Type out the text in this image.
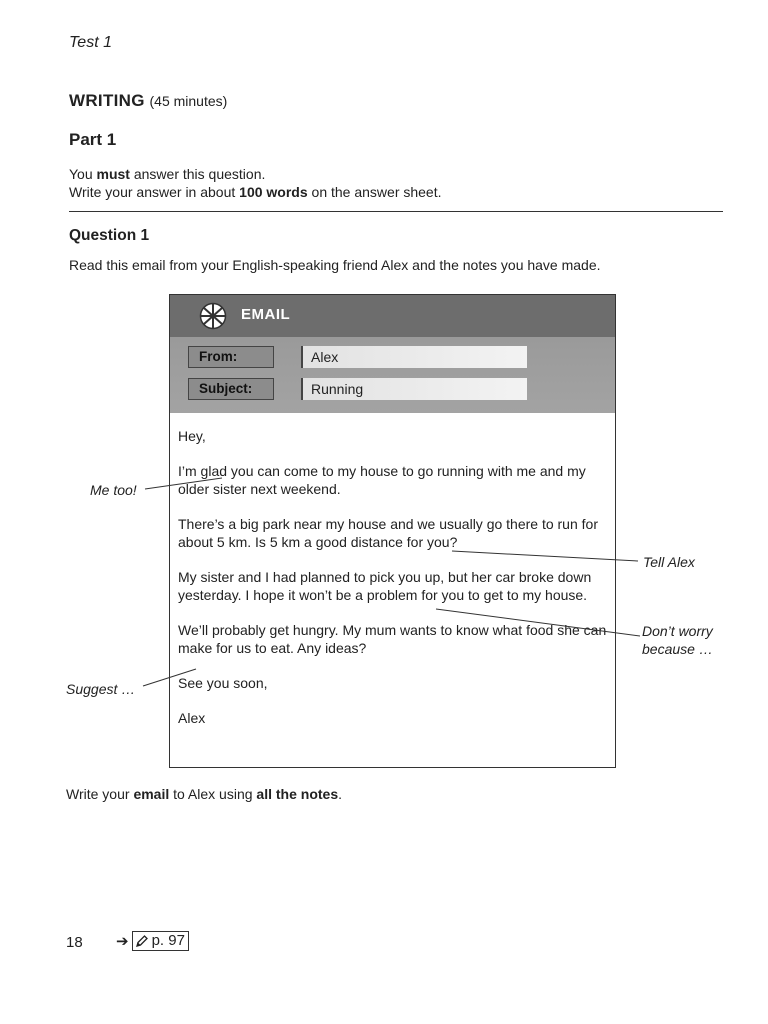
Test 1
WRITING (45 minutes)
Part 1
You must answer this question.
Write your answer in about 100 words on the answer sheet.
Question 1
Read this email from your English-speaking friend Alex and the notes you have made.
EMAIL
From:	Alex
Subject:	Running

Hey,

I’m glad you can come to my house to go running with me and my older sister next weekend.

There’s a big park near my house and we usually go there to run for about 5 km. Is 5 km a good distance for you?

My sister and I had planned to pick you up, but her car broke down yesterday. I hope it won’t be a problem for you to get to my house.

We’ll probably get hungry. My mum wants to know what food she can make for us to eat. Any ideas?

See you soon,

Alex

Me too!
Tell Alex
Don’t worry
because …
Suggest …
Write your email to Alex using all the notes.
18 ➔ p. 97
